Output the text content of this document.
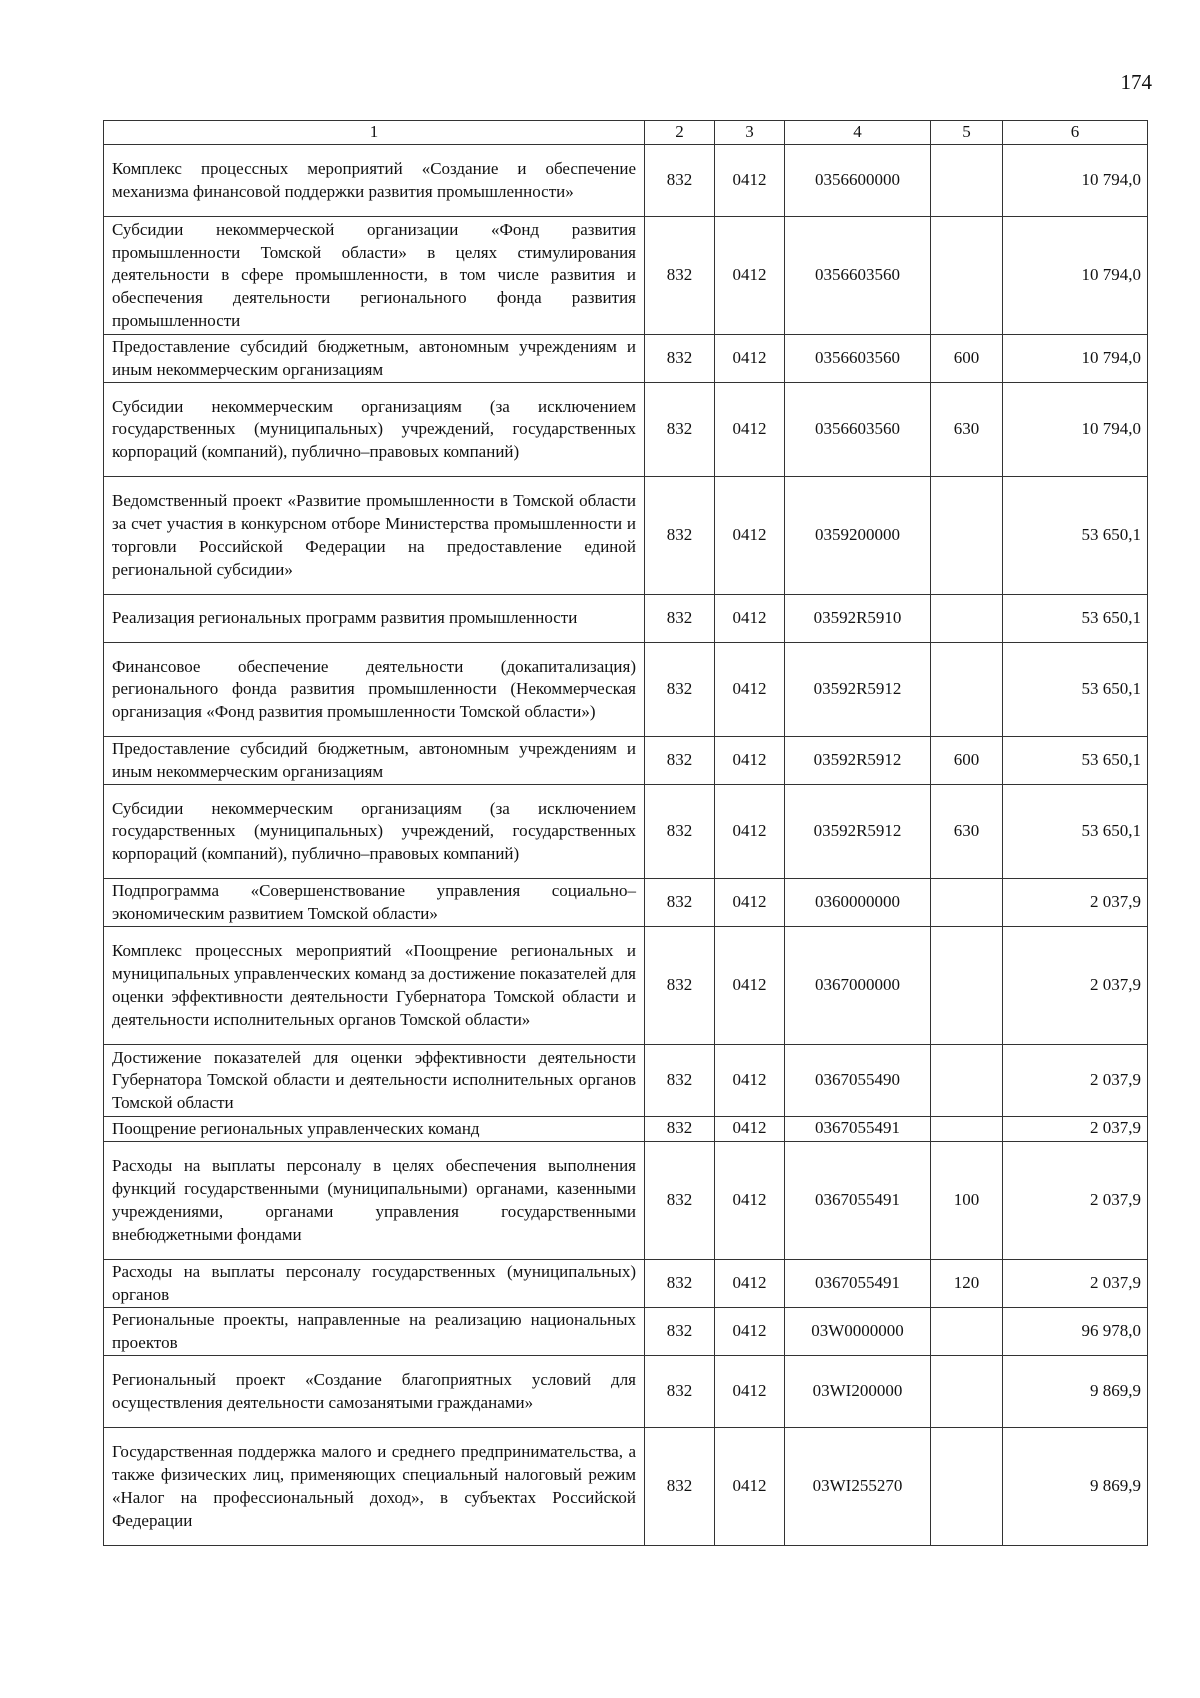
174
1	2	3	4	5	6
Комплекс процессных мероприятий «Создание и обеспечение механизма финансовой поддержки развития промышленности»	832	0412	0356600000		10 794,0
Субсидии некоммерческой организации «Фонд развития промышленности Томской области» в целях стимулирования деятельности в сфере промышленности, в том числе развития и обеспечения деятельности регионального фонда развития промышленности	832	0412	0356603560		10 794,0
Предоставление субсидий бюджетным, автономным учреждениям и иным некоммерческим организациям	832	0412	0356603560	600	10 794,0
Субсидии некоммерческим организациям (за исключением государственных (муниципальных) учреждений, государственных корпораций (компаний), публично–правовых компаний)	832	0412	0356603560	630	10 794,0
Ведомственный проект «Развитие промышленности в Томской области за счет участия в конкурсном отборе Министерства промышленности и торговли Российской Федерации на предоставление единой региональной субсидии»	832	0412	0359200000		53 650,1
Реализация региональных программ развития промышленности	832	0412	03592R5910		53 650,1
Финансовое обеспечение деятельности (докапитализация) регионального фонда развития промышленности (Некоммерческая организация «Фонд развития промышленности Томской области»)	832	0412	03592R5912		53 650,1
Предоставление субсидий бюджетным, автономным учреждениям и иным некоммерческим организациям	832	0412	03592R5912	600	53 650,1
Субсидии некоммерческим организациям (за исключением государственных (муниципальных) учреждений, государственных корпораций (компаний), публично–правовых компаний)	832	0412	03592R5912	630	53 650,1
Подпрограмма «Совершенствование управления социально–экономическим развитием Томской области»	832	0412	0360000000		2 037,9
Комплекс процессных мероприятий «Поощрение региональных и муниципальных управленческих команд за достижение показателей для оценки эффективности деятельности Губернатора Томской области и деятельности исполнительных органов Томской области»	832	0412	0367000000		2 037,9
Достижение показателей для оценки эффективности деятельности Губернатора Томской области и деятельности исполнительных органов Томской области	832	0412	0367055490		2 037,9
Поощрение региональных управленческих команд	832	0412	0367055491		2 037,9
Расходы на выплаты персоналу в целях обеспечения выполнения функций государственными (муниципальными) органами, казенными учреждениями, органами управления государственными внебюджетными фондами	832	0412	0367055491	100	2 037,9
Расходы на выплаты персоналу государственных (муниципальных) органов	832	0412	0367055491	120	2 037,9
Региональные проекты, направленные на реализацию национальных проектов	832	0412	03W0000000		96 978,0
Региональный проект «Создание благоприятных условий для осуществления деятельности самозанятыми гражданами»	832	0412	03WI200000		9 869,9
Государственная поддержка малого и среднего предпринимательства, а также физических лиц, применяющих специальный налоговый режим «Налог на профессиональный доход», в субъектах Российской Федерации	832	0412	03WI255270		9 869,9
